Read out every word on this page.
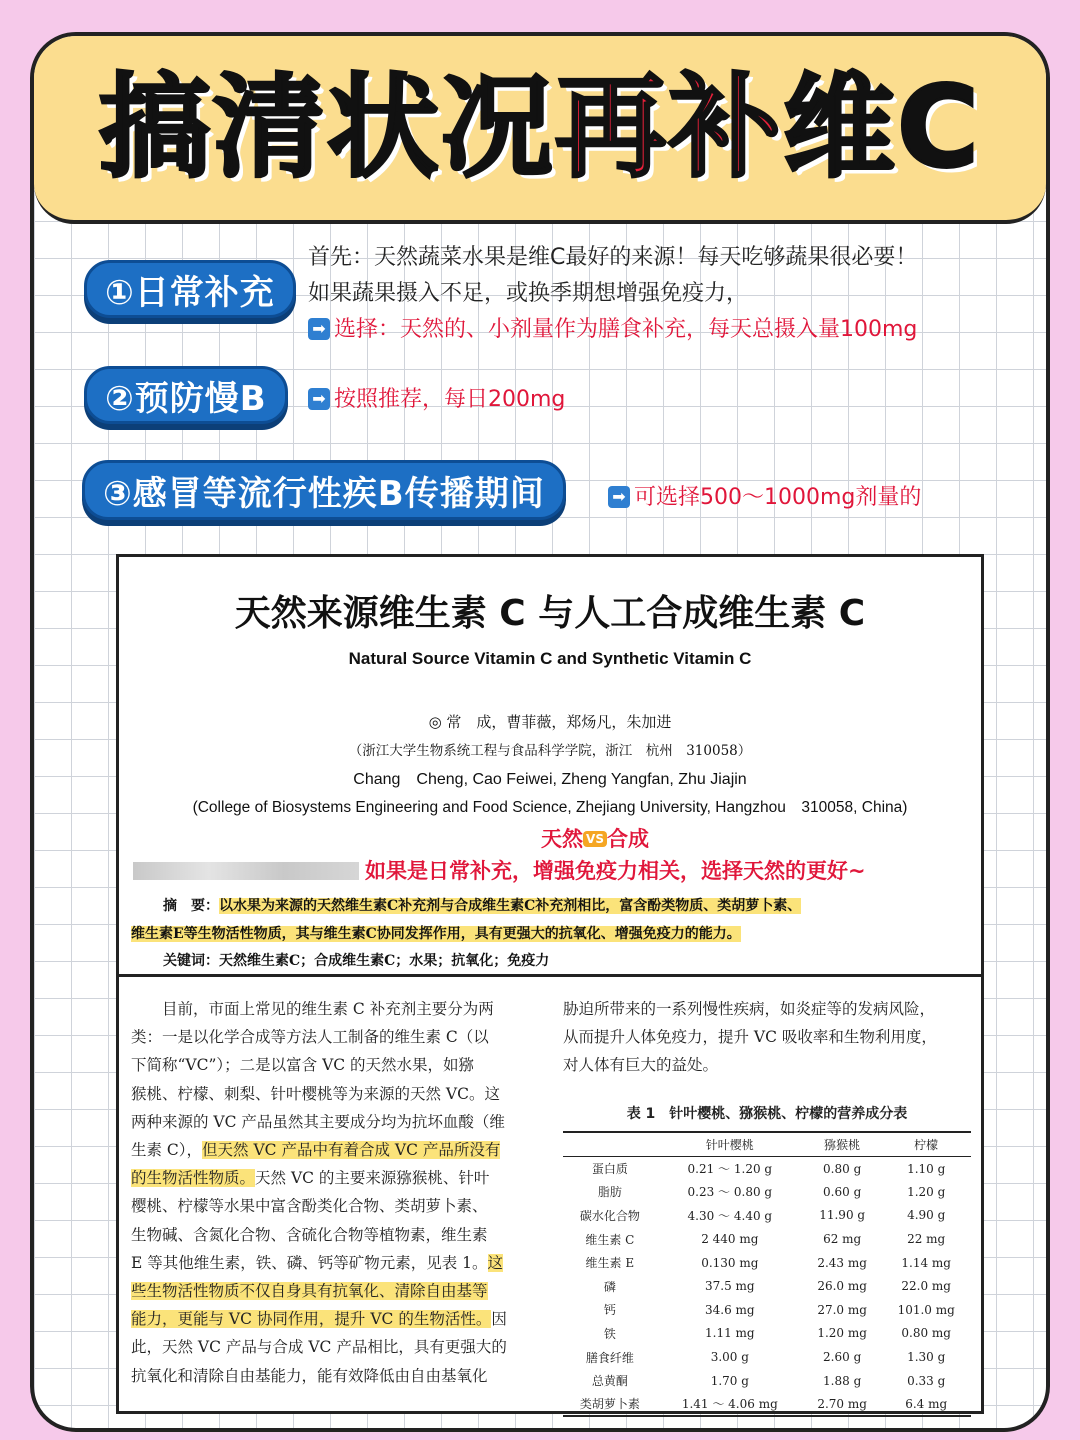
搞清状况再补维C
①日常补充
②预防慢B
③感冒等流行性疾B传播期间
首先：天然蔬菜水果是维C最好的来源！每天吃够蔬果很必要！
如果蔬果摄入不足，或换季期想增强免疫力，
➡ 选择：天然的、小剂量作为膳食补充，每天总摄入量100mg
➡ 按照推荐，每日200mg
➡ 可选择500～1000mg剂量的
天然来源维生素 C 与人工合成维生素 C
Natural Source Vitamin C and Synthetic Vitamin C
◎ 常　成，曹菲薇，郑炀凡，朱加进
（浙江大学生物系统工程与食品科学学院，浙江　杭州　310058）
Chang　Cheng, Cao Feiwei, Zheng Yangfan, Zhu Jiajin
(College of Biosystems Engineering and Food Science, Zhejiang University, Hangzhou　310058, China)
天然 VS 合成
如果是日常补充，增强免疫力相关，选择天然的更好~
摘　要：以水果为来源的天然维生素C补充剂与合成维生素C补充剂相比，富含酚类物质、类胡萝卜素、
维生素E等生物活性物质，其与维生素C协同发挥作用，具有更强大的抗氧化、增强免疫力的能力。
关键词：天然维生素C；合成维生素C；水果；抗氧化；免疫力

　　目前，市面上常见的维生素 C 补充剂主要分为两

类：一是以化学合成等方法人工制备的维生素 C（以

下简称“VC”）；二是以富含 VC 的天然水果，如猕

猴桃、柠檬、刺梨、针叶樱桃等为来源的天然 VC。这

两种来源的 VC 产品虽然其主要成分均为抗坏血酸（维

生素 C），但天然 VC 产品中有着合成 VC 产品所没有

的生物活性物质。天然 VC 的主要来源猕猴桃、针叶

樱桃、柠檬等水果中富含酚类化合物、类胡萝卜素、

生物碱、含氮化合物、含硫化合物等植物素，维生素

E 等其他维生素，铁、磷、钙等矿物元素，见表 1。这

些生物活性物质不仅自身具有抗氧化、清除自由基等

能力，更能与 VC 协同作用，提升 VC 的生物活性。因

此，天然 VC 产品与合成 VC 产品相比，具有更强大的

抗氧化和清除自由基能力，能有效降低由自由基氧化

胁迫所带来的一系列慢性疾病，如炎症等的发病风险，

从而提升人体免疫力，提升 VC 吸收率和生物利用度，

对人体有巨大的益处。

表 1　针叶樱桃、猕猴桃、柠檬的营养成分表
	针叶樱桃	猕猴桃	柠檬
蛋白质	0.21 ～ 1.20 g	0.80 g	1.10 g
脂肪	0.23 ～ 0.80 g	0.60 g	1.20 g
碳水化合物	4.30 ～ 4.40 g	11.90 g	4.90 g
维生素 C	2 440 mg	62 mg	22 mg
维生素 E	0.130 mg	2.43 mg	1.14 mg
磷	37.5 mg	26.0 mg	22.0 mg
钙	34.6 mg	27.0 mg	101.0 mg
铁	1.11 mg	1.20 mg	0.80 mg
膳食纤维	3.00 g	2.60 g	1.30 g
总黄酮	1.70 g	1.88 g	0.33 g
类胡萝卜素	1.41 ～ 4.06 mg	2.70 mg	6.4 mg
